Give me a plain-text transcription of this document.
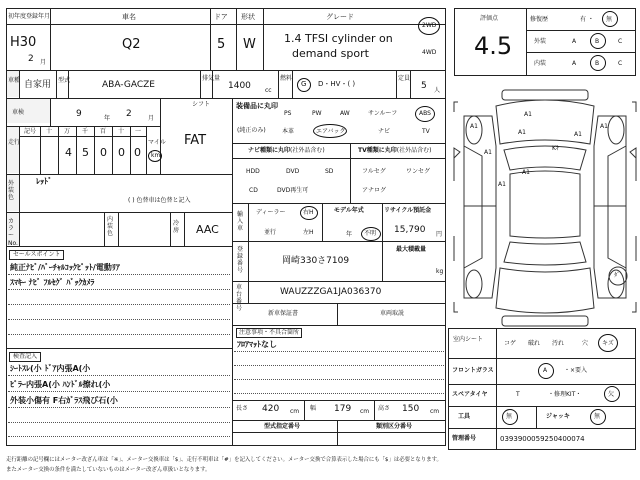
初年度登録年月	車名	ドア 形状	グレード
H30
2 月
Q2	5 W	1.4 TFSI cylinder on
demand sport
2WD
4WD
車種 自家用 型式	ABA-GACZE
排気量
1400 cc
燃料
G D・HV・( )
定員
5 人
車検	9	年 2	月
シフト
FAT
走行
記号 十 万 千 百 十 一
4 5 0 0 0
マイル
km
外装色
ﾚｯﾄﾞ
( ) 色替車は色替と記入
カラーNo.
内装色
冷房 AAC
セールスポイント
純正ﾅﾋﾞ/ﾊﾞｰﾁｬﾙｺｯｸﾋﾟｯﾄ/電動ﾘｱ
ｽﾏｷｰ ﾅﾋﾞ ﾌﾙｾｸﾞ ﾊﾞｯｸｶﾒﾗ
検査記入
ｼｰﾄｽﾚ(小 ﾄﾞｱ内張A(小
ﾋﾟﾗｰ内張A(小 ﾊﾝﾄﾞﾙ擦れ(小
外装小傷有 F右ｶﾞﾗｽ飛び石(小
装備品に丸印
(純正のみ)
PS	PW	AW	サンルーフ	ABS
本革	エアバック	ナビ	TV
ナビ種類に丸印(社外品含む)	TV種類に丸印(社外品含む)
HDD	DVD	SD
CD	DVD再生可
フルセグ	ワンセグ
アナログ
輸入車
ディーラー	右H
並行	左H
モデル年式
年 不明
リサイクル預託金
15,790 円
登録番号
岡崎330さ7109
最大積載量
kg
車台番号
WAUZZZGA1JA036370
新車保証書	車両取説
注意事項・不具合箇所
ﾌﾛｱﾏｯﾄなし
長さ 420 cm 幅 179 cm 高さ 150 cm
型式指定番号	類別区分番号
評価点
4.5
修復歴	有 ・ 無
外装	A	B	C
内装	A	B	C
A1
A1
A1
A1
A1
A1
A1
Kｷ
A1
ﾀﾞ
室内シート
コゲ 破れ 汚れ	穴 キズ
フロントガラス	A	・×要入
スペアタイヤ	T	・修理KIT・	欠
工具	無	ジャッキ	無
管理番号	0393900059250400074
走行距離の記号欄にはメーター改ざん車は「※」、メーター交換車は「$」、走行不明車は「#」を記入してください。メーター交換で合算表示した場合にも「$」は必要となります。
またメーター交換の条件を満たしていないものはメーター改ざん車扱いとなります。
